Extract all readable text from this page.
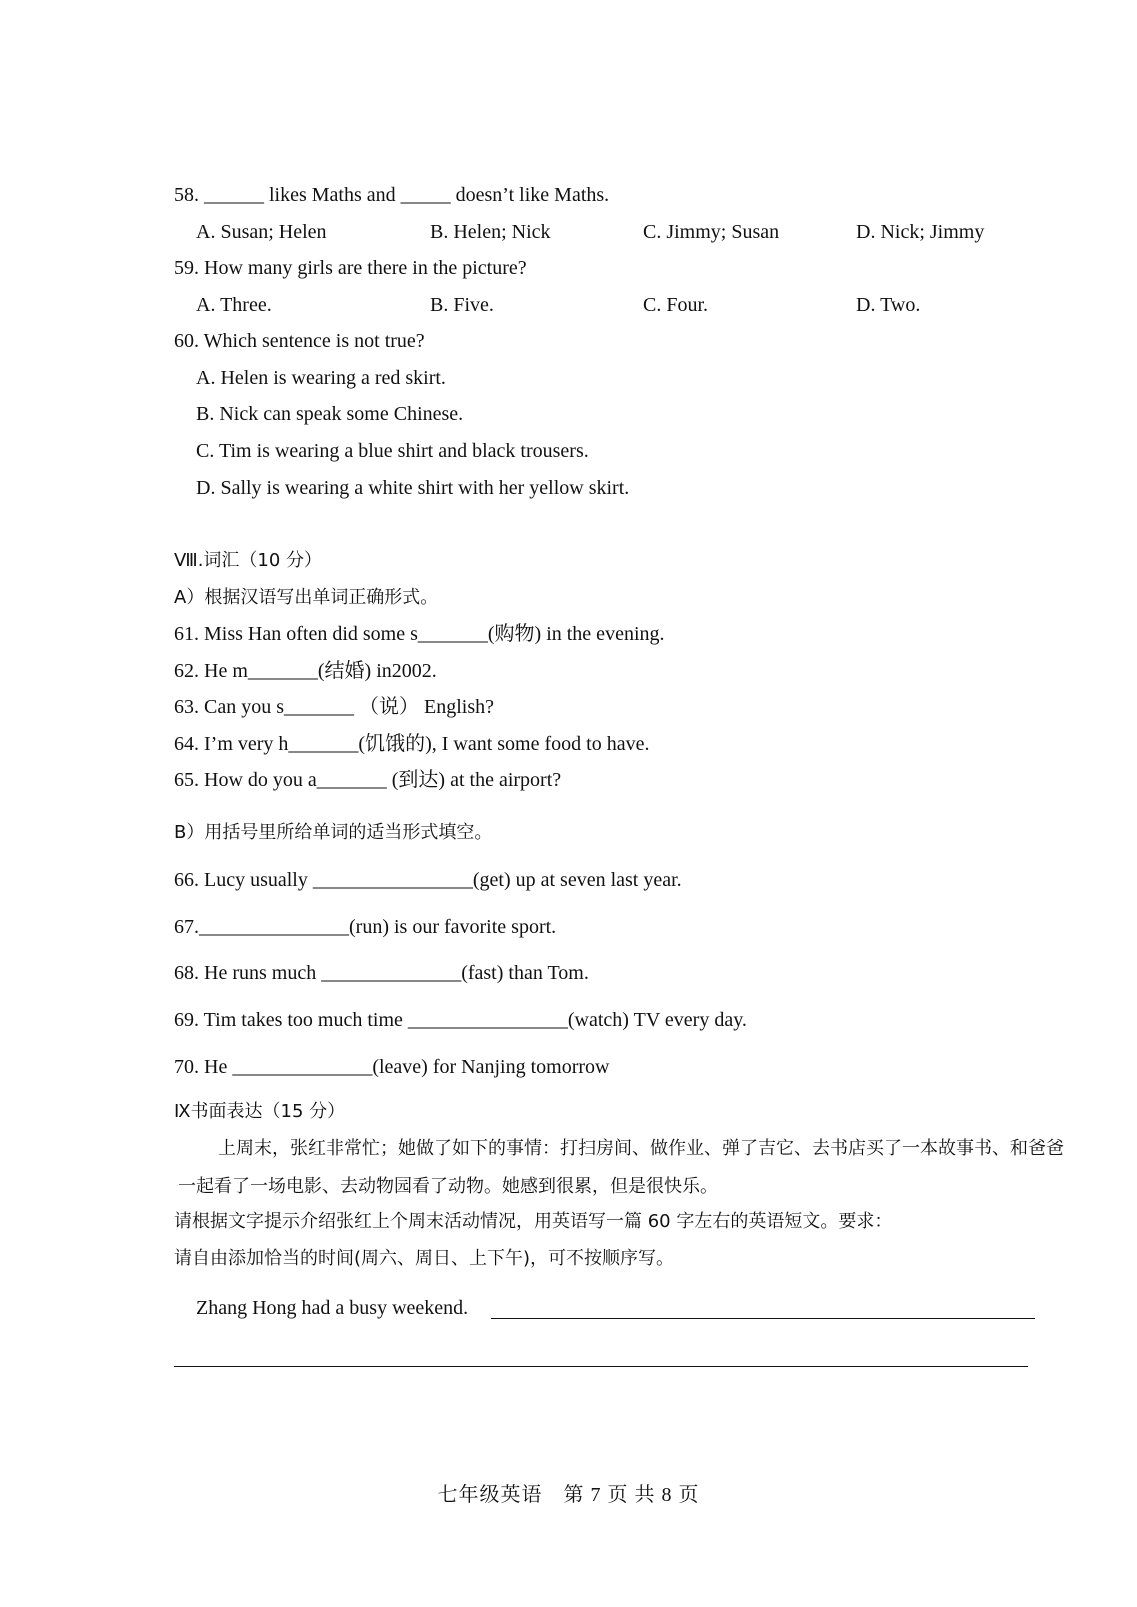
58. ______ likes Maths and _____ doesn’t like Maths.
A. Susan; Helen	B. Helen; Nick	C. Jimmy; Susan	D. Nick; Jimmy
59. How many girls are there in the picture?
A. Three.	B. Five.	C. Four.	D. Two.
60. Which sentence is not true?
A. Helen is wearing a red skirt.
B. Nick can speak some Chinese.
C. Tim is wearing a blue shirt and black trousers.
D. Sally is wearing a white shirt with her yellow skirt.
Ⅷ.词汇（10 分）
A）根据汉语写出单词正确形式。
61. Miss Han often did some s_______(购物) in the evening.
62. He m_______(结婚) in2002.
63. Can you s_______ （说） English?
64. I’m very h_______(饥饿的), I want some food to have.
65. How do you a_______ (到达) at the airport?
B）用括号里所给单词的适当形式填空。
66. Lucy usually ________________(get) up at seven last year.
67._______________(run) is our favorite sport.
68. He runs much ______________(fast) than Tom.
69. Tim takes too much time ________________(watch) TV every day.
70. He ______________(leave) for Nanjing tomorrow
Ⅸ书面表达（15 分）
上周末，张红非常忙；她做了如下的事情：打扫房间、做作业、弹了吉它、去书店买了一本故事书、和爸爸一起看了一场电影、去动物园看了动物。她感到很累，但是很快乐。
请根据文字提示介绍张红上个周末活动情况，用英语写一篇 60 字左右的英语短文。要求：
请自由添加恰当的时间(周六、周日、上下午)，可不按顺序写。
Zhang Hong had a busy weekend.
七年级英语　第 7 页 共 8 页
